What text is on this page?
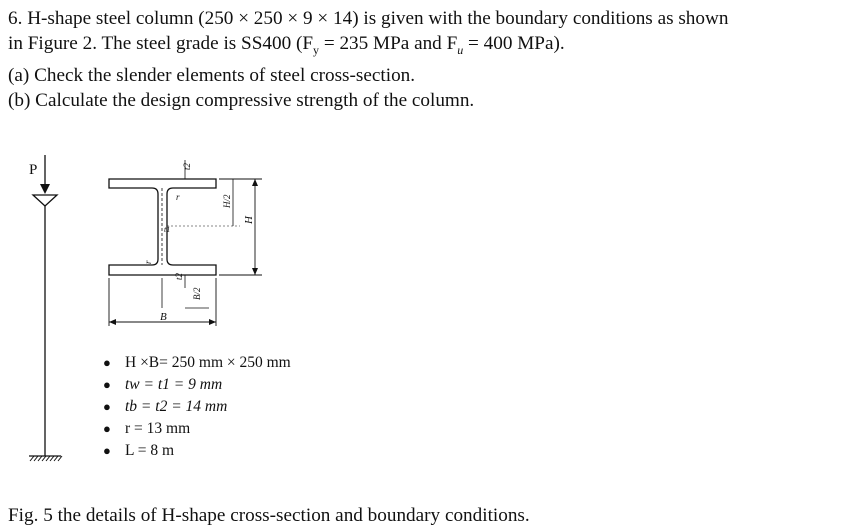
6. H-shape steel column (250 × 250 × 9 × 14) is given with the boundary conditions as shown
in Figure 2. The steel grade is SS400 ($F_y = 235$ MPa and $F_u = 400$ MPa).
(a) Check the slender elements of steel cross-section.
(b) Calculate the design compressive strength of the column.
P
B
B/2
H
H/2
t2
t2
t1
r
r
● H ×B= 250 mm × 250 mm
● tw = t1 = 9 mm
● tb = t2 = 14 mm
● r = 13 mm
● L = 8 m
Fig. 5 the details of H-shape cross-section and boundary conditions.
